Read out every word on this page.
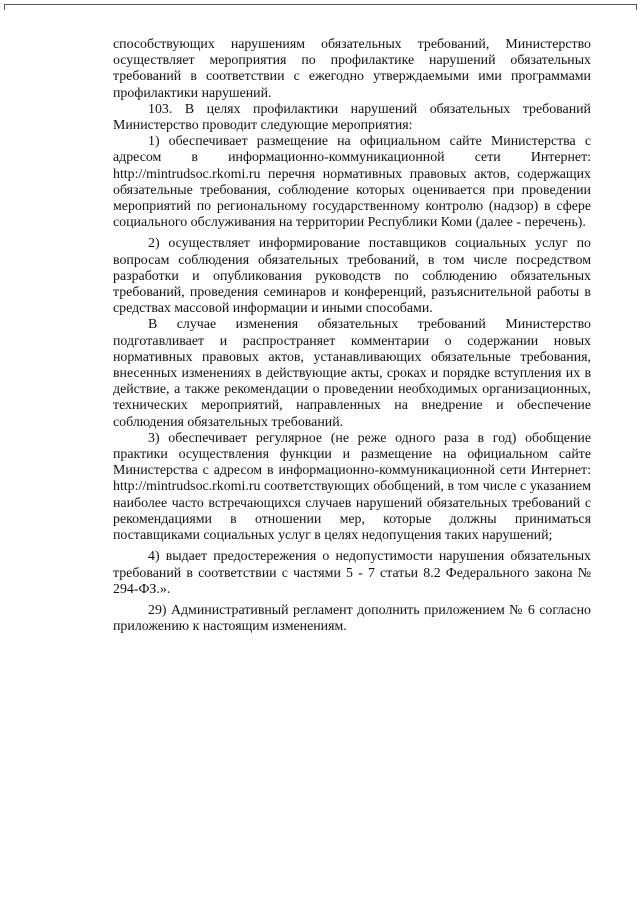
способствующих нарушениям обязательных требований, Министерство осуществляет мероприятия по профилактике нарушений обязательных требований в соответствии с ежегодно утверждаемыми ими программами профилактики нарушений.

103. В целях профилактики нарушений обязательных требований Министерство проводит следующие мероприятия:

1) обеспечивает размещение на официальном сайте Министерства с адресом в информационно-коммуникационной сети Интернет: http://mintrudsoc.rkomi.ru перечня нормативных правовых актов, содержащих обязательные требования, соблюдение которых оценивается при проведении мероприятий по региональному государственному контролю (надзор) в сфере социального обслуживания на территории Республики Коми (далее - перечень).

2) осуществляет информирование поставщиков социальных услуг по вопросам соблюдения обязательных требований, в том числе посредством разработки и опубликования руководств по соблюдению обязательных требований, проведения семинаров и конференций, разъяснительной работы в средствах массовой информации и иными способами.

В случае изменения обязательных требований Министерство подготавливает и распространяет комментарии о содержании новых нормативных правовых актов, устанавливающих обязательные требования, внесенных изменениях в действующие акты, сроках и порядке вступления их в действие, а также рекомендации о проведении необходимых организационных, технических мероприятий, направленных на внедрение и обеспечение соблюдения обязательных требований.

3) обеспечивает регулярное (не реже одного раза в год) обобщение практики осуществления функции и размещение на официальном сайте Министерства с адресом в информационно-коммуникационной сети Интернет: http://mintrudsoc.rkomi.ru соответствующих обобщений, в том числе с указанием наиболее часто встречающихся случаев нарушений обязательных требований с рекомендациями в отношении мер, которые должны приниматься поставщиками социальных услуг в целях недопущения таких нарушений;

4) выдает предостережения о недопустимости нарушения обязательных требований в соответствии с частями 5 - 7 статьи 8.2 Федерального закона № 294-ФЗ.».

29) Административный регламент дополнить приложением № 6 согласно приложению к настоящим изменениям.
